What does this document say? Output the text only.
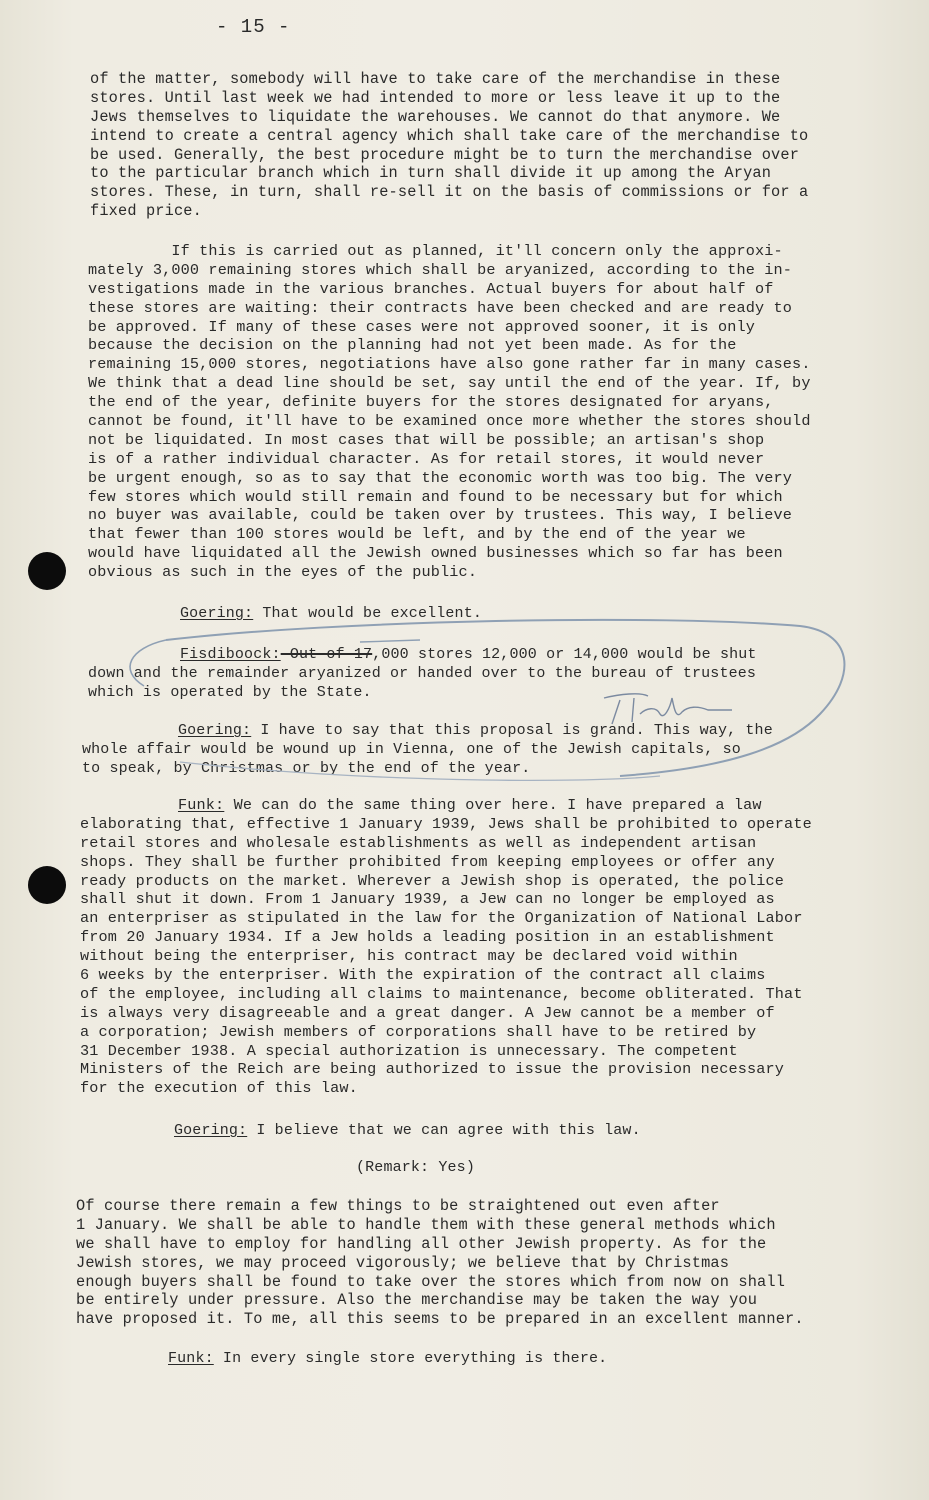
- 15 -
of the matter, somebody will have to take care of the merchandise in these
stores. Until last week we had intended to more or less leave it up to the
Jews themselves to liquidate the warehouses. We cannot do that anymore. We
intend to create a central agency which shall take care of the merchandise to
be used. Generally, the best procedure might be to turn the merchandise over
to the particular branch which in turn shall divide it up among the Aryan
stores. These, in turn, shall re-sell it on the basis of commissions or for a
fixed price.
If this is carried out as planned, it'll concern only the approxi-
mately 3,000 remaining stores which shall be aryanized, according to the in-
vestigations made in the various branches. Actual buyers for about half of
these stores are waiting: their contracts have been checked and are ready to
be approved. If many of these cases were not approved sooner, it is only
because the decision on the planning had not yet been made. As for the
remaining 15,000 stores, negotiations have also gone rather far in many cases.
We think that a dead line should be set, say until the end of the year. If, by
the end of the year, definite buyers for the stores designated for aryans,
cannot be found, it'll have to be examined once more whether the stores should
not be liquidated. In most cases that will be possible; an artisan's shop
is of a rather individual character. As for retail stores, it would never
be urgent enough, so as to say that the economic worth was too big. The very
few stores which would still remain and found to be necessary but for which
no buyer was available, could be taken over by trustees. This way, I believe
that fewer than 100 stores would be left, and by the end of the year we
would have liquidated all the Jewish owned businesses which so far has been
obvious as such in the eyes of the public.
Goering: That would be excellent.
Fisdiboock: Out of 17,000 stores 12,000 or 14,000 would be shut
down and the remainder aryanized or handed over to the bureau of trustees
which is operated by the State.
Goering: I have to say that this proposal is grand. This way, the
whole affair would be wound up in Vienna, one of the Jewish capitals, so
to speak, by Christmas or by the end of the year.
Funk: We can do the same thing over here. I have prepared a law
elaborating that, effective 1 January 1939, Jews shall be prohibited to operate
retail stores and wholesale establishments as well as independent artisan
shops. They shall be further prohibited from keeping employees or offer any
ready products on the market. Wherever a Jewish shop is operated, the police
shall shut it down. From 1 January 1939, a Jew can no longer be employed as
an enterpriser as stipulated in the law for the Organization of National Labor
from 20 January 1934. If a Jew holds a leading position in an establishment
without being the enterpriser, his contract may be declared void within
6 weeks by the enterpriser. With the expiration of the contract all claims
of the employee, including all claims to maintenance, become obliterated. That
is always very disagreeable and a great danger. A Jew cannot be a member of
a corporation; Jewish members of corporations shall have to be retired by
31 December 1938. A special authorization is unnecessary. The competent
Ministers of the Reich are being authorized to issue the provision necessary
for the execution of this law.
Goering: I believe that we can agree with this law.
(Remark: Yes)
Of course there remain a few things to be straightened out even after
1 January. We shall be able to handle them with these general methods which
we shall have to employ for handling all other Jewish property. As for the
Jewish stores, we may proceed vigorously; we believe that by Christmas
enough buyers shall be found to take over the stores which from now on shall
be entirely under pressure. Also the merchandise may be taken the way you
have proposed it. To me, all this seems to be prepared in an excellent manner.
Funk: In every single store everything is there.
